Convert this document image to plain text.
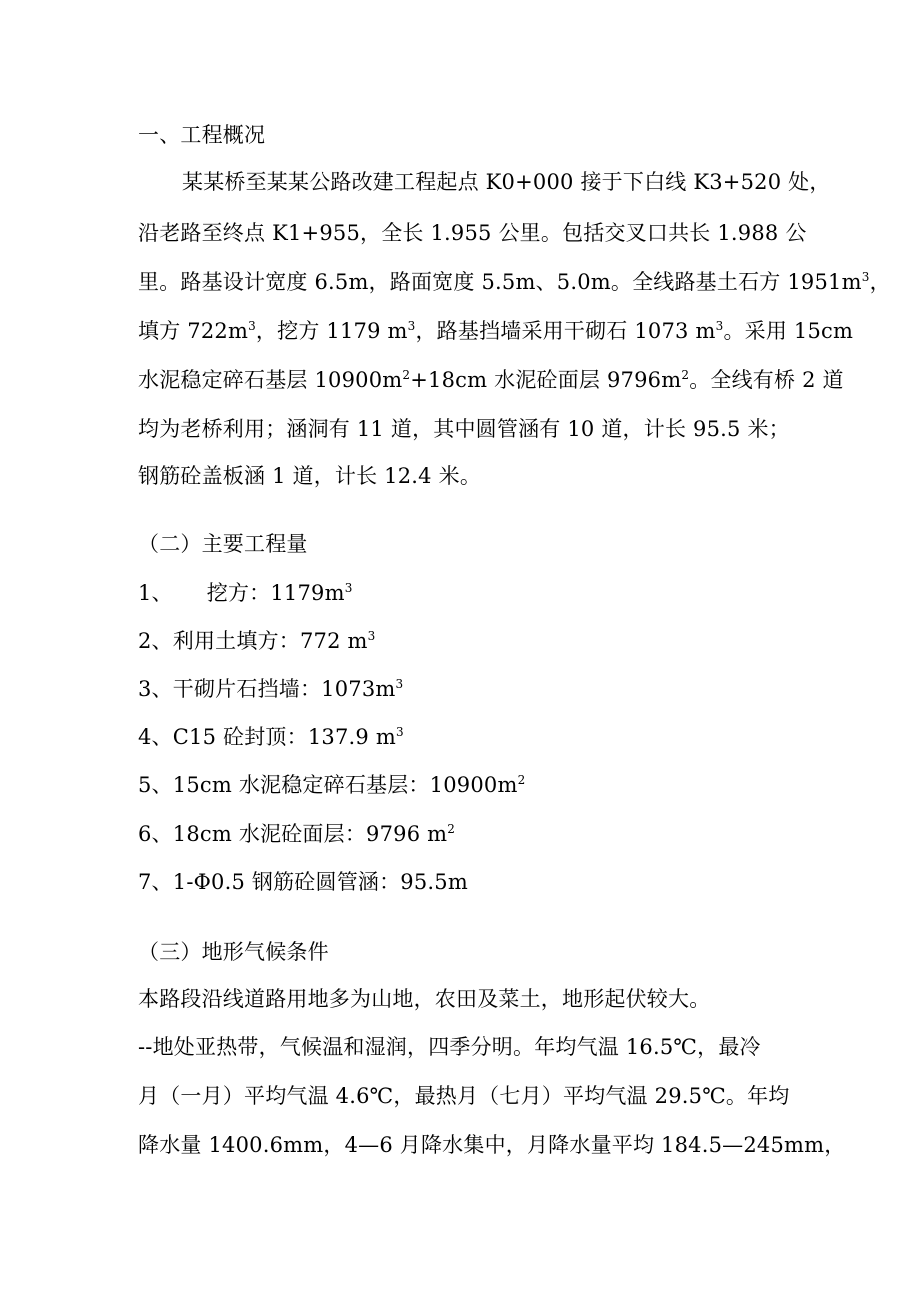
一、工程概况
某某桥至某某公路改建工程起点 K0+000 接于下白线 K3+520 处，
沿老路至终点 K1+955，全长 1.955 公里。包括交叉口共长 1.988 公
里。路基设计宽度 6.5m，路面宽度 5.5m、5.0m。全线路基土石方 $1951m^3$，
填方 $722m^3$，挖方 1179 $m^3$，路基挡墙采用干砌石 1073 $m^3$。采用 15cm
水泥稳定碎石基层 $10900m^2+18cm$ 水泥砼面层 $9796m^2$。全线有桥 2 道
均为老桥利用；涵洞有 11 道，其中圆管涵有 10 道，计长 95.5 米；
钢筋砼盖板涵 1 道，计长 12.4 米。
（二）主要工程量
1、 挖方：$1179m^3$
2、利用土填方：772 $m^3$
3、干砌片石挡墙：$1073m^3$
4、C15 砼封顶：137.9 $m^3$
5、15cm 水泥稳定碎石基层：$10900m^2$
6、18cm 水泥砼面层：9796 $m^2$
7、1-Φ0.5 钢筋砼圆管涵：95.5m
（三）地形气候条件
本路段沿线道路用地多为山地，农田及菜土，地形起伏较大。
--地处亚热带，气候温和湿润，四季分明。年均气温 16.5℃，最冷
月（一月）平均气温 4.6℃，最热月（七月）平均气温 29.5℃。年均
降水量 1400.6mm，4—6 月降水集中，月降水量平均 184.5—245mm，
